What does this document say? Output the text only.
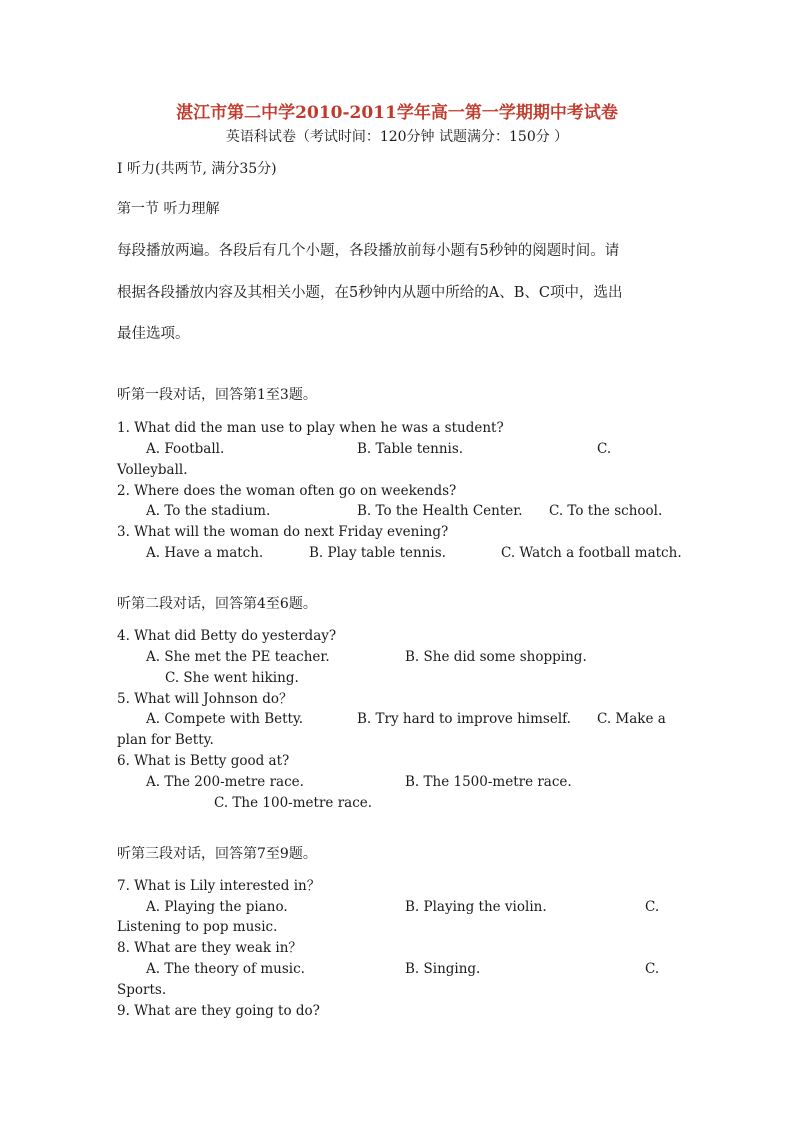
湛江市第二中学2010-2011学年高一第一学期期中考试卷
英语科试卷（考试时间：120分钟 试题满分：150分 ）
I 听力(共两节, 满分35分)
第一节 听力理解
每段播放两遍。各段后有几个小题，各段播放前每小题有5秒钟的阅题时间。请
根据各段播放内容及其相关小题，在5秒钟内从题中所给的A、B、C项中，选出
最佳选项。
听第一段对话，回答第1至3题。
1. What did the man use to play when he was a student?
A. Football.	B. Table tennis.	C.
Volleyball.
2. Where does the woman often go on weekends?
A. To the stadium.	B. To the Health Center. C. To the school.
3. What will the woman do next Friday evening?
A. Have a match.	B. Play table tennis.	C. Watch a football match.
听第二段对话，回答第4至6题。
4. What did Betty do yesterday?
A. She met the PE teacher.	B. She did some shopping.
C. She went hiking.
5. What will Johnson do？
A. Compete with Betty.	B. Try hard to improve himself. C. Make a
plan for Betty.
6. What is Betty good at?
A. The 200-metre race.	B. The 1500-metre race.
C. The 100-metre race.
听第三段对话，回答第7至9题。
7. What is Lily interested in？
A. Playing the piano.	B. Playing the violin.	C.
Listening to pop music.
8. What are they weak in？
A. The theory of music.	B. Singing.	C.
Sports.
9. What are they going to do?
